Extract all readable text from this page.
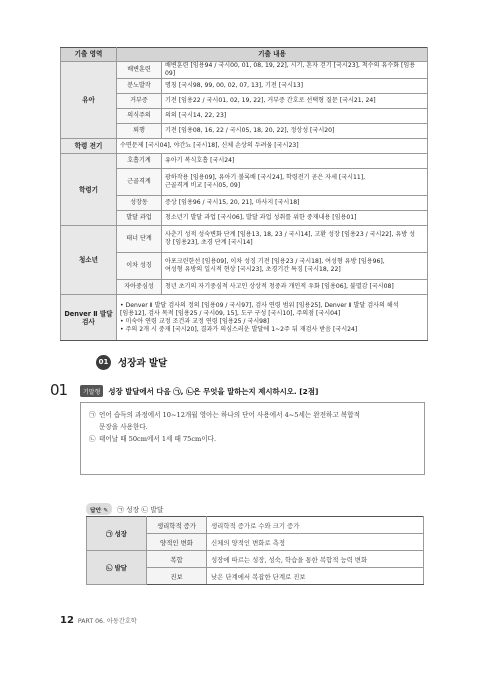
기출 영역	기출 내용	
유아	배변훈련	배변훈련 [임용94 / 국시00, 01, 08, 19, 22], 시기, 혼자 걷기 [국시23], 척수의 유수화 [임용09]
	분노발작	명칭 [국시98, 99, 00, 02, 07, 13], 기전 [국시13]
	거부증	기전 [임용22 / 국시01, 02, 19, 22], 거부증 간호로 선택형 질문 [국시21, 24]
	의식주의	의의 [국시14, 22, 23]
	퇴행	기전 [임용08, 16, 22 / 국시05, 18, 20, 22], 정상성 [국시20]
학령 전기	수면문제 [국시04], 야간뇨 [국시18], 신체 손상의 두려움 [국시23]	
학령기	호흡기계	유아기 복식호흡 [국시24]
	근골격계	광하작용 [임용09], 유아기 볼록배 [국시24], 학령전기 곧은 자세 [국시11],
근골격계 비교 [국시05, 09]

	성장동	증상 [임용96 / 국시15, 20, 21], 마사지 [국시18]
	발달 과업	청소년기 발달 과업 [국시06], 발달 과업 성취를 위한 중재내용 [임용01]
청소년	태너 단계	사춘기 성적 성숙변화 단계 [임용13, 18, 23 / 국시14], 고환 성장 [임용23 / 국시22], 유방 성
장 [임용23], 초경 단계 [국시14]

	이차 성징	아포크린한선 [임용09], 이차 성징 기전 [임용23 / 국시18], 여성형 유방 [임용96],
여성형 유방의 일시적 현상 [국시23], 초경기간 특징 [국시18, 22]

	자아중심성	청년 초기의 자기중심적 사고인 상상적 청중과 개인적 우화 [임용06], 불멸감 [국시08]
Denver Ⅱ 발달 검사	• Denver Ⅱ 발달 검사의 정의 [임용09 / 국시97], 검사 연령 범위 [임용25], Denver Ⅱ 발달 검사의 해석
[임용12], 검사 목적 [임용25 / 국시09, 15], 도구 구성 [국시10], 주의점 [국시04]
• 미숙아 연령 교정 조건과 교정 연령 [임용25 / 국시98]
• 주의 2개 시 중재 [국시20], 결과가 의심스러운 발달에 1~2주 뒤 재검사 받음 [국시24]	
01 성장과 발달
01	기말형	성장 발달에서 다음 ㉠, ㉡은 무엇을 말하는지 제시하시오. [2점]
㉠ 언어 습득의 과정에서 10~12개월 영아는 하나의 단어 사용에서 4~5세는 완전하고 복합적
문장을 사용한다.
㉡ 태어날 때 50cm에서 1세 때 75cm이다.
답안 ✎	㉠ 성장 ㉡ 발달
㉠ 성장	생리학적 증가	생리학적 증가로 수와 크기 증가
	양적인 변화	신체의 양적인 변화로 측정
㉡ 발달	복합	성장에 따르는 성장, 성숙, 학습을 통한 복합적 능력 변화
	진보	낮은 단계에서 복잡한 단계로 진보
12 PART 06. 아동간호학
